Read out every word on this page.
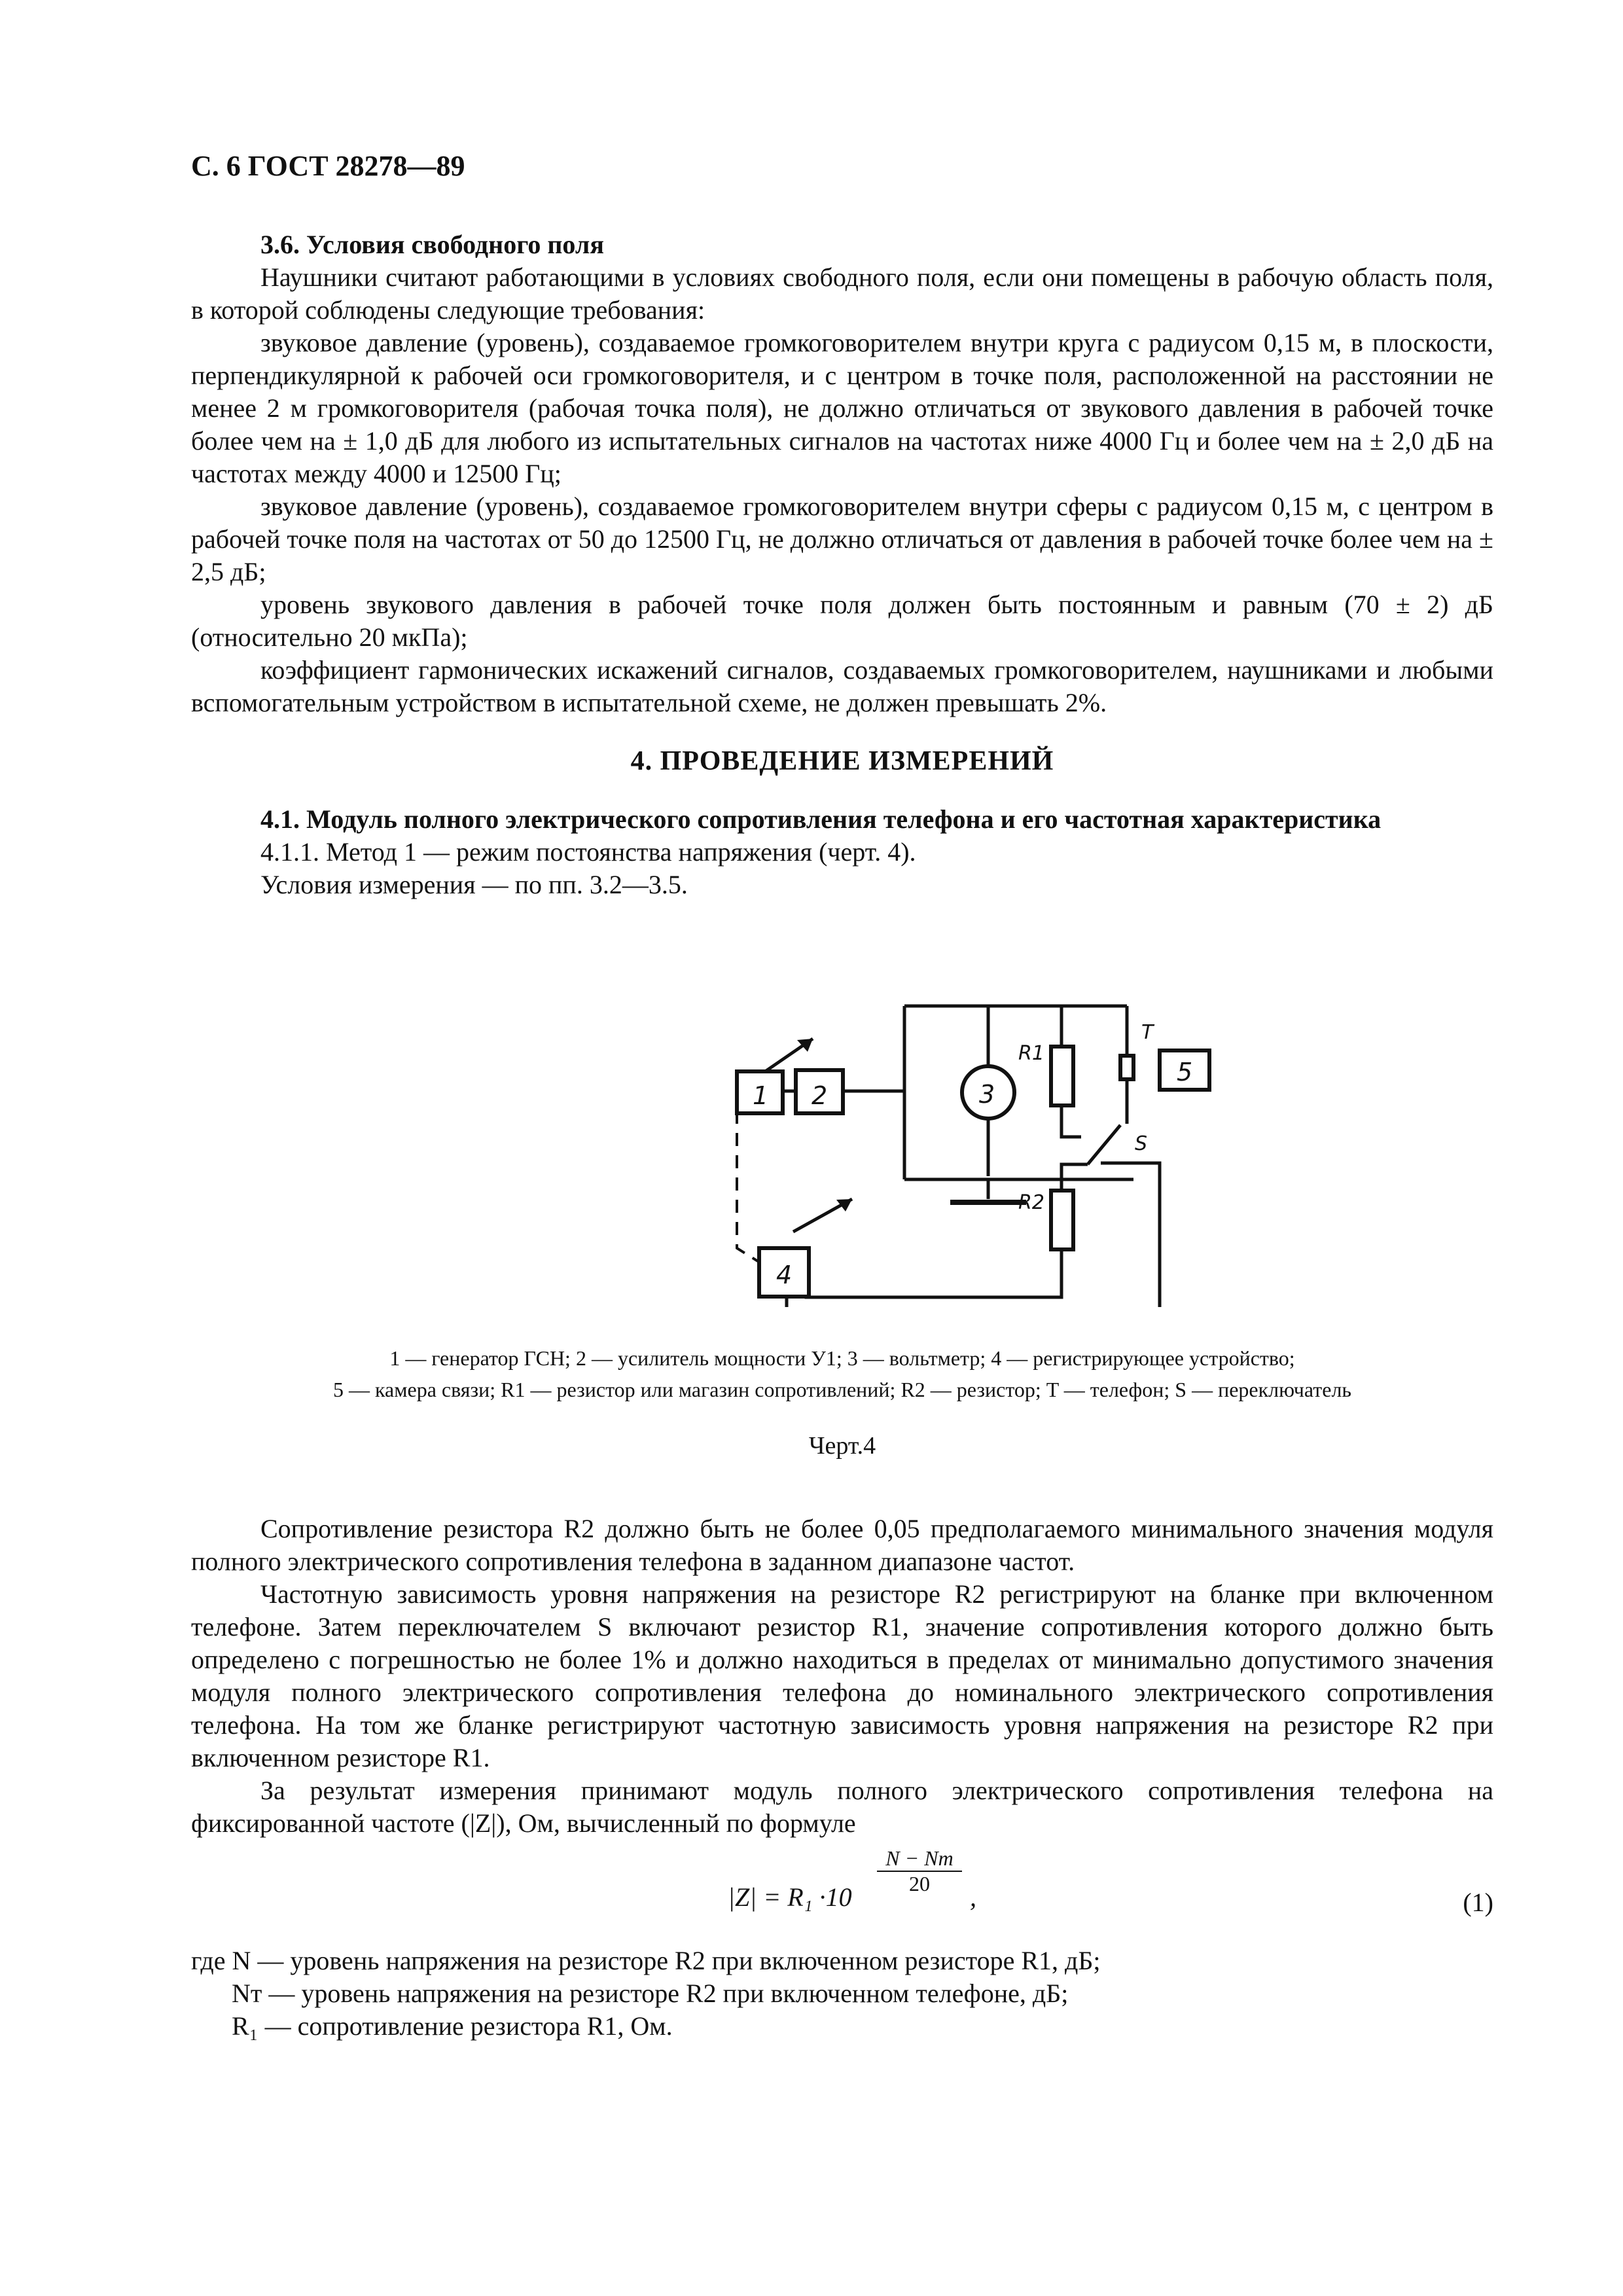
С. 6 ГОСТ 28278—89

3.6. Условия свободного поля

Наушники считают работающими в условиях свободного поля, если они помещены в рабочую область поля, в которой соблюдены следующие требования:

звуковое давление (уровень), создаваемое громкоговорителем внутри круга с радиусом 0,15 м, в плоскости, перпендикулярной к рабочей оси громкоговорителя, и с центром в точке поля, расположенной на расстоянии не менее 2 м громкоговорителя (рабочая точка поля), не должно отличаться от звукового давления в рабочей точке более чем на ± 1,0 дБ для любого из испытательных сигналов на частотах ниже 4000 Гц и более чем на ± 2,0 дБ на частотах между 4000 и 12500 Гц;

звуковое давление (уровень), создаваемое громкоговорителем внутри сферы с радиусом 0,15 м, с центром в рабочей точке поля на частотах от 50 до 12500 Гц, не должно отличаться от давления в рабочей точке более чем на ± 2,5 дБ;

уровень звукового давления в рабочей точке поля должен быть постоянным и равным (70 ± 2) дБ (относительно 20 мкПа);

коэффициент гармонических искажений сигналов, создаваемых громкоговорителем, наушниками и любыми вспомогательным устройством в испытательной схеме, не должен превышать 2%.

4. ПРОВЕДЕНИЕ ИЗМЕРЕНИЙ

4.1. Модуль полного электрического сопротивления телефона и его частотная характеристика

4.1.1. Метод 1 — режим постоянства напряжения (черт. 4).

Условия измерения — по пп. 3.2—3.5.

1 2	3
4
5
R1
R2
T
S
1 — генератор ГСН; 2 — усилитель мощности У1; 3 — вольтметр; 4 — регистрирующее устройство;
5 — камера связи; R1 — резистор или магазин сопротивлений; R2 — резистор; T — телефон; S — переключатель
Черт.4

Сопротивление резистора R2 должно быть не более 0,05 предполагаемого минимального значения модуля полного электрического сопротивления телефона в заданном диапазоне частот.

Частотную зависимость уровня напряжения на резисторе R2 регистрируют на бланке при включенном телефоне. Затем переключателем S включают резистор R1, значение сопротивления которого должно быть определено с погрешностью не более 1% и должно находиться в пределах от минимально допустимого значения модуля полного электрического сопротивления телефона до номинального электрического сопротивления телефона. На том же бланке регистрируют частотную зависимость уровня напряжения на резисторе R2 при включенном резисторе R1.

За результат измерения принимают модуль полного электрического сопротивления телефона на фиксированной частоте (|Z|), Ом, вычисленный по формуле

|Z| = R₁ ·10
N − Nт
20	,	(1)

где N — уровень напряжения на резисторе R2 при включенном резисторе R1, дБ;

Nт — уровень напряжения на резисторе R2 при включенном телефоне, дБ;

R₁ — сопротивление резистора R1, Ом.
